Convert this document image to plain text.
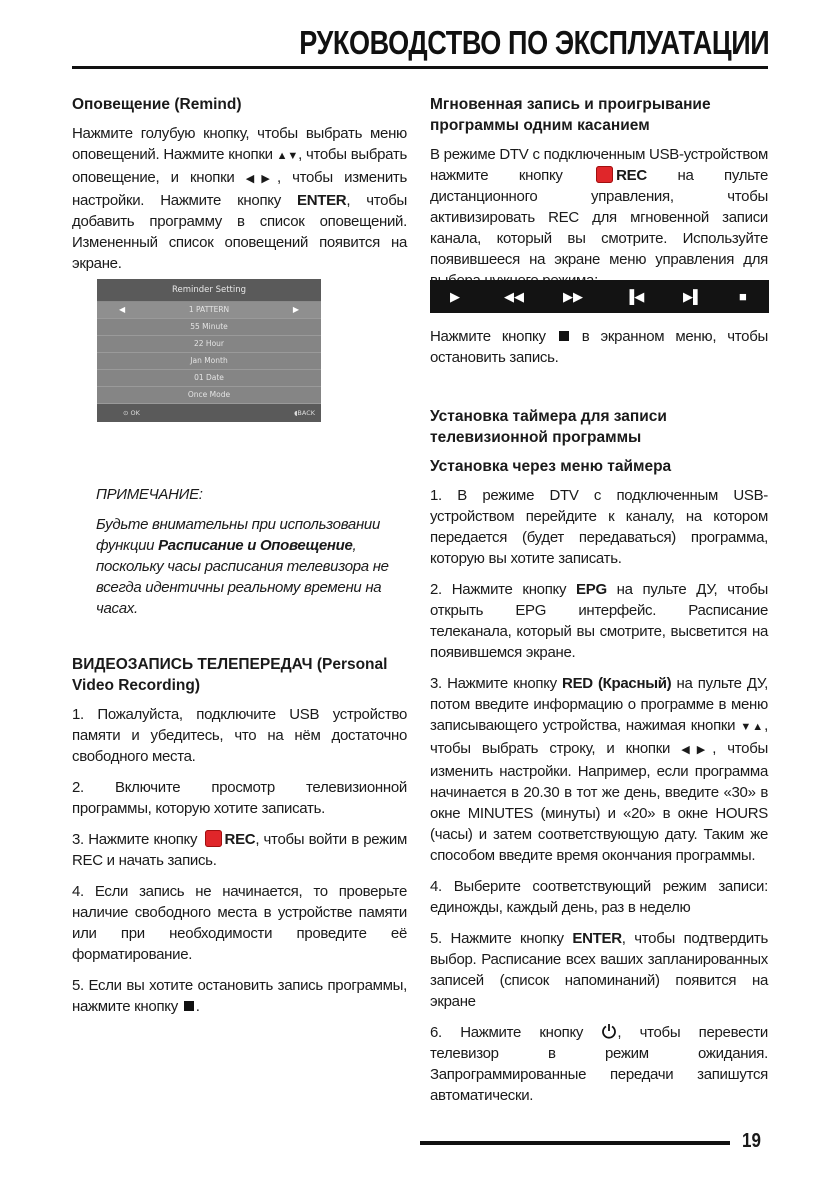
РУКОВОДСТВО ПО ЭКСПЛУАТАЦИИ
Оповещение (Remind)

Нажмите голубую кнопку, чтобы выбрать меню оповещений. Нажмите кнопки ▲▼, чтобы выбрать оповещение, и кнопки ◀▶, чтобы изменить настройки. Нажмите кнопку ENTER, чтобы добавить программу в список оповещений. Измененный список оповещений появится на экране.

Reminder Setting
◀	1 PATTERN	▶
55 Minute
22 Hour
Jan Month
01 Date
Once Mode
⊙ OK	◖BACK
ПРИМЕЧАНИЕ:
Будьте внимательны при использовании функции Расписание и Оповещение, поскольку часы расписания телевизора не всегда идентичны реальному времени на часах.
ВИДЕОЗАПИСЬ ТЕЛЕПЕРЕДАЧ (Personal Video Recording)

1. Пожалуйста, подключите USB устройство памяти и убедитесь, что на нём достаточно свободного места.

2. Включите просмотр телевизионной программы, которую хотите записать.

3. Нажмите кнопку REC, чтобы войти в режим REC и начать запись.

4. Если запись не начинается, то проверьте наличие свободного места в устройстве памяти или при необходимости проведите её форматирование.

5. Если вы хотите остановить запись программы, нажмите кнопку .

Мгновенная запись и проигрывание программы одним касанием

В режиме DTV с подключенным USB-устройством нажмите кнопку REC на пульте дистанционного управления, чтобы активизировать REC для мгновенной записи канала, который вы смотрите. Используйте появившееся на экране меню управления для

▶	◀◀	▶▶	▐◀	▶▌	■

Нажмите кнопку  в экранном меню, чтобы остановить запись.

Установка таймера для записи телевизионной программы
Установка через меню таймера

1. В режиме DTV с подключенным USB-устройством перейдите к каналу, на котором передается (будет передаваться) программа, которую вы хотите записать.

2. Нажмите кнопку EPG на пульте ДУ, чтобы открыть EPG интерфейс. Расписание телеканала, который вы смотрите, высветится на появившемся экране.

3. Нажмите кнопку RED (Красный) на пульте ДУ, потом введите информацию о программе в меню записывающего устройства, нажимая кнопки ▼▲, чтобы выбрать строку, и кнопки ◀▶, чтобы изменить настройки. Например, если программа начинается в 20.30 в тот же день, введите «30» в окне MINUTES (минуты) и «20» в окне HOURS (часы) и затем соответствующую дату. Таким же способом введите время окончания программы.

4. Выберите соответствующий режим записи: единожды, каждый день, раз в неделю

5. Нажмите кнопку ENTER, чтобы подтвердить выбор. Расписание всех ваших запланированных записей (список напоминаний) появится на экране

6. Нажмите кнопку , чтобы перевести телевизор в режим ожидания. Запрограммированные передачи запишутся автоматически.

19
